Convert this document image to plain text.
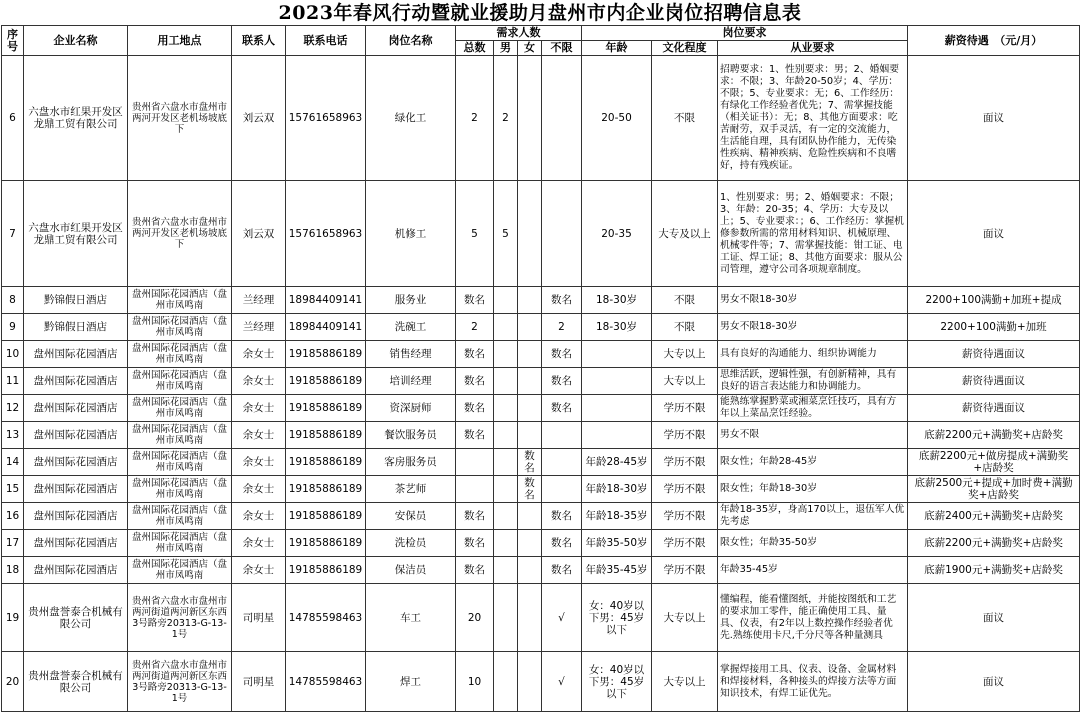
2023年春风行动暨就业援助月盘州市内企业岗位招聘信息表
序号	企业名称	用工地点	联系人	联系电话	岗位名称	需求人数				岗位要求			薪资待遇　（元/月）
						总数	男	女	不限	年龄	文化程度	从业要求	
6	六盘水市红果开发区龙鼎工贸有限公司	贵州省六盘水市盘州市两河开发区老机场坡底下	刘云双	15761658963	绿化工	2	2			20-50	不限	招聘要求：1、性别要求：男；2、婚姻要求：不限；3、年龄20-50岁；4、学历：不限；5、专业要求：无；6、工作经历：有绿化工作经验者优先；7、需掌握技能（相关证书）：无；8、其他方面要求：吃苦耐劳，双手灵活，有一定的交流能力，生活能自理，具有团队协作能力，无传染性疾病、精神疾病、危险性疾病和不良嗜好，持有残疾证。	面议
7	六盘水市红果开发区龙鼎工贸有限公司	贵州省六盘水市盘州市两河开发区老机场坡底下	刘云双	15761658963	机修工	5	5			20-35	大专及以上	1、性别要求：男；2、婚姻要求：不限；3、年龄：20-35；4、学历：大专及以上；5、专业要求：；6、工作经历：掌握机修参数所需的常用材料知识、机械原理、机械零件等；7、需掌握技能：钳工证、电工证、焊工证；8、其他方面要求：服从公司管理，遵守公司各项规章制度。	面议
8	黔锦假日酒店	盘州国际花园酒店（盘州市凤鸣南	兰经理	18984409141	服务业	数名			数名	18-30岁	不限	男女不限18-30岁	2200+100满勤+加班+提成
9	黔锦假日酒店	盘州国际花园酒店（盘州市凤鸣南	兰经理	18984409141	洗碗工	2			2	18-30岁	不限	男女不限18-30岁	2200+100满勤+加班
10	盘州国际花园酒店	盘州国际花园酒店（盘州市凤鸣南	余女士	19185886189	销售经理	数名			数名		大专以上	具有良好的沟通能力、组织协调能力	薪资待遇面议
11	盘州国际花园酒店	盘州国际花园酒店（盘州市凤鸣南	余女士	19185886189	培训经理	数名			数名		大专以上	思维活跃，逻辑性强，有创新精神，具有良好的语言表达能力和协调能力。	薪资待遇面议
12	盘州国际花园酒店	盘州国际花园酒店（盘州市凤鸣南	余女士	19185886189	资深厨师	数名			数名		学历不限	能熟练掌握黔菜或湘菜烹饪技巧，具有方年以上菜品烹饪经验。	薪资待遇面议
13	盘州国际花园酒店	盘州国际花园酒店（盘州市凤鸣南	余女士	19185886189	餐饮服务员	数名					学历不限	男女不限	底薪2200元+满勤奖+店龄奖
14	盘州国际花园酒店	盘州国际花园酒店（盘州市凤鸣南	余女士	19185886189	客房服务员			数名		年龄28-45岁	学历不限	限女性；年龄28-45岁	底薪2200元+做房提成+满勤奖+店龄奖
15	盘州国际花园酒店	盘州国际花园酒店（盘州市凤鸣南	余女士	19185886189	茶艺师			数名		年龄18-30岁	学历不限	限女性；年龄18-30岁	底薪2500元+提成+加时费+满勤奖+店龄奖
16	盘州国际花园酒店	盘州国际花园酒店（盘州市凤鸣南	余女士	19185886189	安保员	数名			数名	年龄18-35岁	学历不限	年龄18-35岁，身高170以上，退伍军人优先考虑	底薪2400元+满勤奖+店龄奖
17	盘州国际花园酒店	盘州国际花园酒店（盘州市凤鸣南	余女士	19185886189	洗检员	数名			数名	年龄35-50岁	学历不限	限女性；年龄35-50岁	底薪2200元+满勤奖+店龄奖
18	盘州国际花园酒店	盘州国际花园酒店（盘州市凤鸣南	余女士	19185886189	保洁员	数名			数名	年龄35-45岁	学历不限	年龄35-45岁	底薪1900元+满勤奖+店龄奖
19	贵州盘誉泰合机械有限公司	贵州省六盘水市盘州市两河街道两河新区东西3号路旁20313-G-13-1号	司明星	14785598463	车工	20			√	女：40岁以下男：45岁以下	大专以上	懂编程，能看懂图纸，并能按图纸和工艺的要求加工零件，能正确使用工具、量具、仪表，有2年以上数控操作经验者优先.熟练使用卡尺,千分尺等各种量测具	面议
20	贵州盘誉泰合机械有限公司	贵州省六盘水市盘州市两河街道两河新区东西3号路旁20313-G-13-1号	司明星	14785598463	焊工	10			√	女：40岁以下男：45岁以下	大专以上	掌握焊接用工具、仪表、设备、金属材料和焊接材料，各种接头的焊接方法等方面知识技术，有焊工证优先。	面议
